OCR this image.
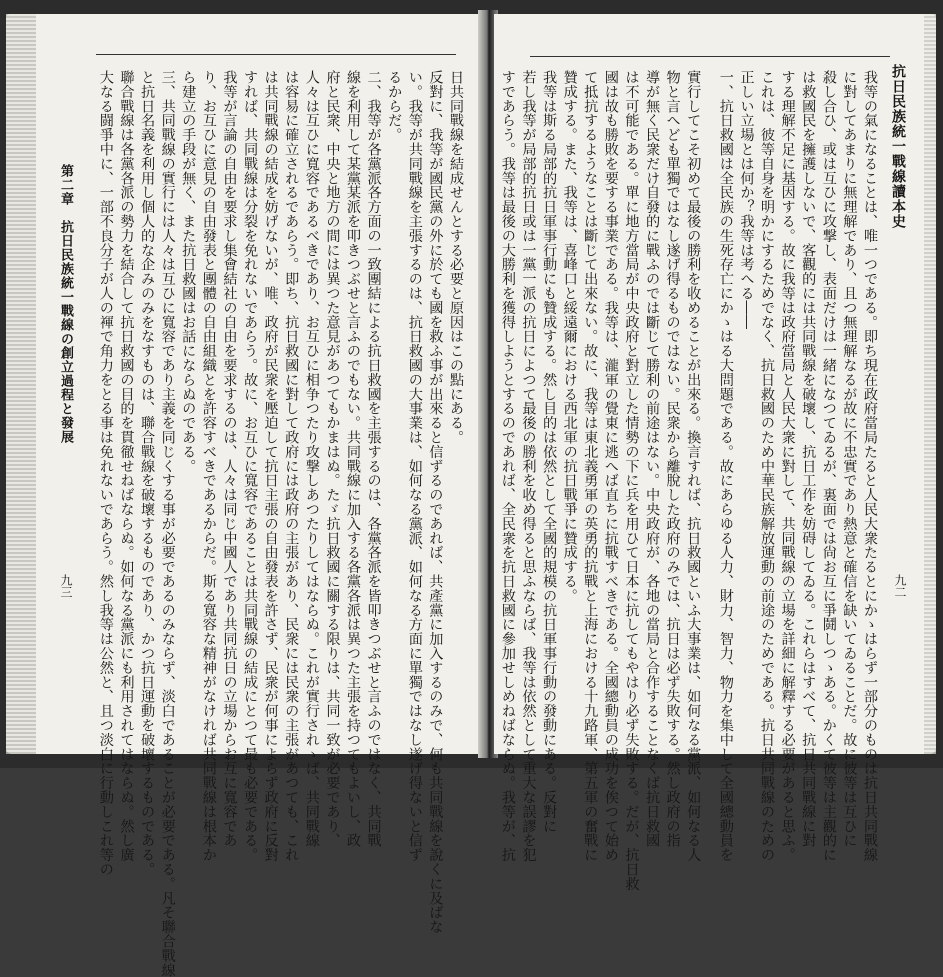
第二章　抗日民族統一戰線の創立過程と發展
九三
日共同戰線を結成せんとする必要と原因はこの點にある。
反對に、我等が國民黨の外に於ても國を救ふ事が出來ると信ずるのであれば、共產黨に加入するのみで、何も共同戰線を說くに及ばな
い。我等が共同戰線を主張するのは、抗日救國の大事業は、如何なる黨派、如何なる方面に單獨ではなし遂げ得ないと信ず
るからだ。
二、我等が各黨派各方面の一致團結による抗日救國を主張するのは、各黨各派を皆叩きつぶせと言ふのではなく、共同戰
線を利用して某黨某派を叩きつぶせと言ふのでもない。共同戰線に加入する各黨各派は異つた主張を持つてもよいし、政
府と民衆、中央と地方の間には異つた意見があつてもかまはぬ。たゞ抗日救國に關する限りは、共同一致が必要であり、
人々は互ひに寬容であるべきであり、お互ひに相争つたり攻撃しあつたりしてはならぬ。これが實行されゝば、共同戰線
は容易に確立されるであらう。即ち、抗日救國に對して政府には政府の主張があり、民衆には民衆の主張があつても、これ
は共同戰線の結成を妨げないが、唯、政府が民衆を壓迫して抗日主張の自由發表を許さず、民衆が何事によらず政府に反對
すれば、共同戰線は分裂を免れないであらう。故に、お互ひに寬容であることは共同戰線の結成にとつて最も必要である。
我等が言論の自由を要求し集會結社の自由を要求するのは、人々は同じ中國人であり共同抗日の立場からお互に寬容であ
り、お互ひに意見の自由發表と團體の自由組織とを許容すべきであるからだ。斯る寬容な精神がなければ共同戰線は根本か
ら建立の手段が無く、また抗日救國はお話にならぬのである。
三、共同戰線の實行には人々は互ひに寬容であり主義を同じくする事が必要であるのみならず、淡白であることが必要である。凡そ聯合戰線
と抗日名義を利用し個人的な企みのみをなすものは、聯合戰線を破壞するものであり、かつ抗日運動を破壞するものである。
聯合戰線は各黨各派の勢力を結合して抗日救國の目的を貫徹せねばならぬ。如何なる黨派にも利用されてはならぬ。然し廣
大なる闘爭中に、一部不良分子が人の褌で角力をとる事は免れないであらう。然し我等は公然と、且つ淡白に行動しこれ等の	抗日民族統一戰線讀本史
九二
我等の氣になることは、唯一つである。即ち現在政府當局たると人民大衆たるとにかゝはらず一部分のものは抗日共同戰線
に對してあまりに無理解であり、且つ無理解なるが故に不忠實であり熱意と確信を缺いてゐることだ。故に彼等は互ひに
殺し合ひ、或は互ひに攻撃し、表面だけは一緒になつてゐるが、裏面では尙お互に爭鬪しつゝある。かくて彼等は主觀的に
は救國民を擁護しないで、客觀的には共同戰線を破壞し、抗日工作を妨碍してゐる。これらはすべて、抗日共同戰線に對
する理解不足に基因する。故に我等は政府當局と人民大衆に對して、共同戰線の立場を詳細に解釋する必要があると思ふ。
これは、彼等自身を明かにするためでなく、抗日救國のため中華民族解放運動の前途のためである。抗日共同戰線のための
正しい立場とは何か？我等は考へる――
一、抗日救國は全民族の生死存亡にかゝはる大問題である。故にあらゆる人力、財力、智力、物力を集中して全國總動員を
實行してこそ初めて最後の勝利を收めることが出來る。換言すれば、抗日救國といふ大事業は、如何なる黨派、如何なる人
物と言へども單獨ではなし遂げ得るものではない。民衆から離脫した政府のみでは、抗日は必ず失敗する。然し政府の指
導が無く民衆だけ自發的に戰ふのでは斷じて勝利の前途はない。中央政府が、各地の當局と合作することなくば抗日救國
は不可能である。單に地方當局が中央政府と對立した情勢の下に兵を用ひて日本に抗してもやはり必ず失敗する。だが、抗日救
國は故も勝敗を要する事業である。我等は、瀧軍の覺東に逃へば直ちに抗戰すべきである。全國總動員の成功を俟つて始め
て抵抗するようなことは斷じて出來ない。故に、我等は東北義勇軍の英勇的抗戰と上海における十九路軍、第五軍の奮戰に
贊成する。また、我等は、喜峰口と綏遠爾における西北軍の抗日戰爭に贊成する。
我等は斯る局部的抗日軍事行動にも贊成する。然し目的は依然として全國的規模の抗日軍事行動の發動にある。反對に
若し我等が局部的抗日或は一黨一派の抗日によつて最後の勝利を收め得ると思ふならば、我等は依然として重大な誤謬を犯
すであらう。我等は最後の大勝利を獲得しようとするのであれば、全民衆を抗日救國に參加せしめねばならぬ。我等が、抗
